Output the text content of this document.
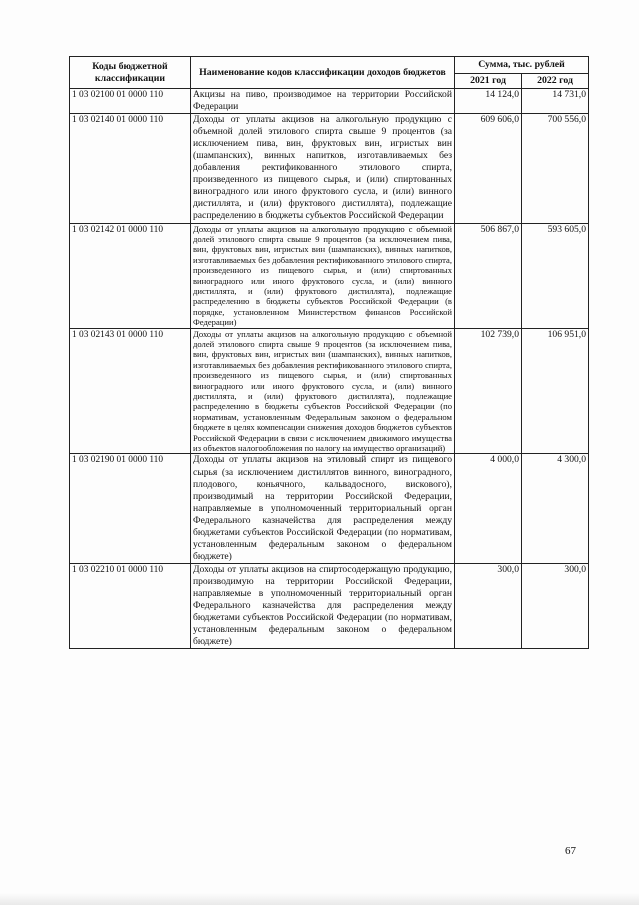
Коды бюджетной классификации	Наименование кодов классификации доходов бюджетов	Сумма, тыс. рублей	
		2021 год	2022 год
1 03 02100 01 0000 110	Акцизы на пиво, производимое на территории Российской Федерации	14 124,0	14 731,0
1 03 02140 01 0000 110	Доходы от уплаты акцизов на алкогольную продукцию с объемной долей этилового спирта свыше 9 процентов (за исключением пива, вин, фруктовых вин, игристых вин (шампанских), винных напитков, изготавливаемых без добавления ректификованного этилового спирта, произведенного из пищевого сырья, и (или) спиртованных виноградного или иного фруктового сусла, и (или) винного дистиллята, и (или) фруктового дистиллята), подлежащие распределению в бюджеты субъектов Российской Федерации	609 606,0	700 556,0
1 03 02142 01 0000 110	Доходы от уплаты акцизов на алкогольную продукцию с объемной долей этилового спирта свыше 9 процентов (за исключением пива, вин, фруктовых вин, игристых вин (шампанских), винных напитков, изготавливаемых без добавления ректификованного этилового спирта, произведенного из пищевого сырья, и (или) спиртованных виноградного или иного фруктового сусла, и (или) винного дистиллята, и (или) фруктового дистиллята), подлежащие распределению в бюджеты субъектов Российской Федерации (в порядке, установленном Министерством финансов Российской Федерации)	506 867,0	593 605,0
1 03 02143 01 0000 110	Доходы от уплаты акцизов на алкогольную продукцию с объемной долей этилового спирта свыше 9 процентов (за исключением пива, вин, фруктовых вин, игристых вин (шампанских), винных напитков, изготавливаемых без добавления ректификованного этилового спирта, произведенного из пищевого сырья, и (или) спиртованных виноградного или иного фруктового сусла, и (или) винного дистиллята, и (или) фруктового дистиллята), подлежащие распределению в бюджеты субъектов Российской Федерации (по нормативам, установленным Федеральным законом о федеральном бюджете в целях компенсации снижения доходов бюджетов субъектов Российской Федерации в связи с исключением движимого имущества из объектов налогообложения по налогу на имущество организаций)	102 739,0	106 951,0
1 03 02190 01 0000 110	Доходы от уплаты акцизов на этиловый спирт из пищевого сырья (за исключением дистиллятов винного, виноградного, плодового, коньячного, кальвадосного, вискового), производимый на территории Российской Федерации, направляемые в уполномоченный территориальный орган Федерального казначейства для распределения между бюджетами субъектов Российской Федерации (по нормативам, установленным федеральным законом о федеральном бюджете)	4 000,0	4 300,0
1 03 02210 01 0000 110	Доходы от уплаты акцизов на спиртосодержащую продукцию, производимую на территории Российской Федерации, направляемые в уполномоченный территориальный орган Федерального казначейства для распределения между бюджетами субъектов Российской Федерации (по нормативам, установленным федеральным законом о федеральном бюджете)	300,0	300,0
67
